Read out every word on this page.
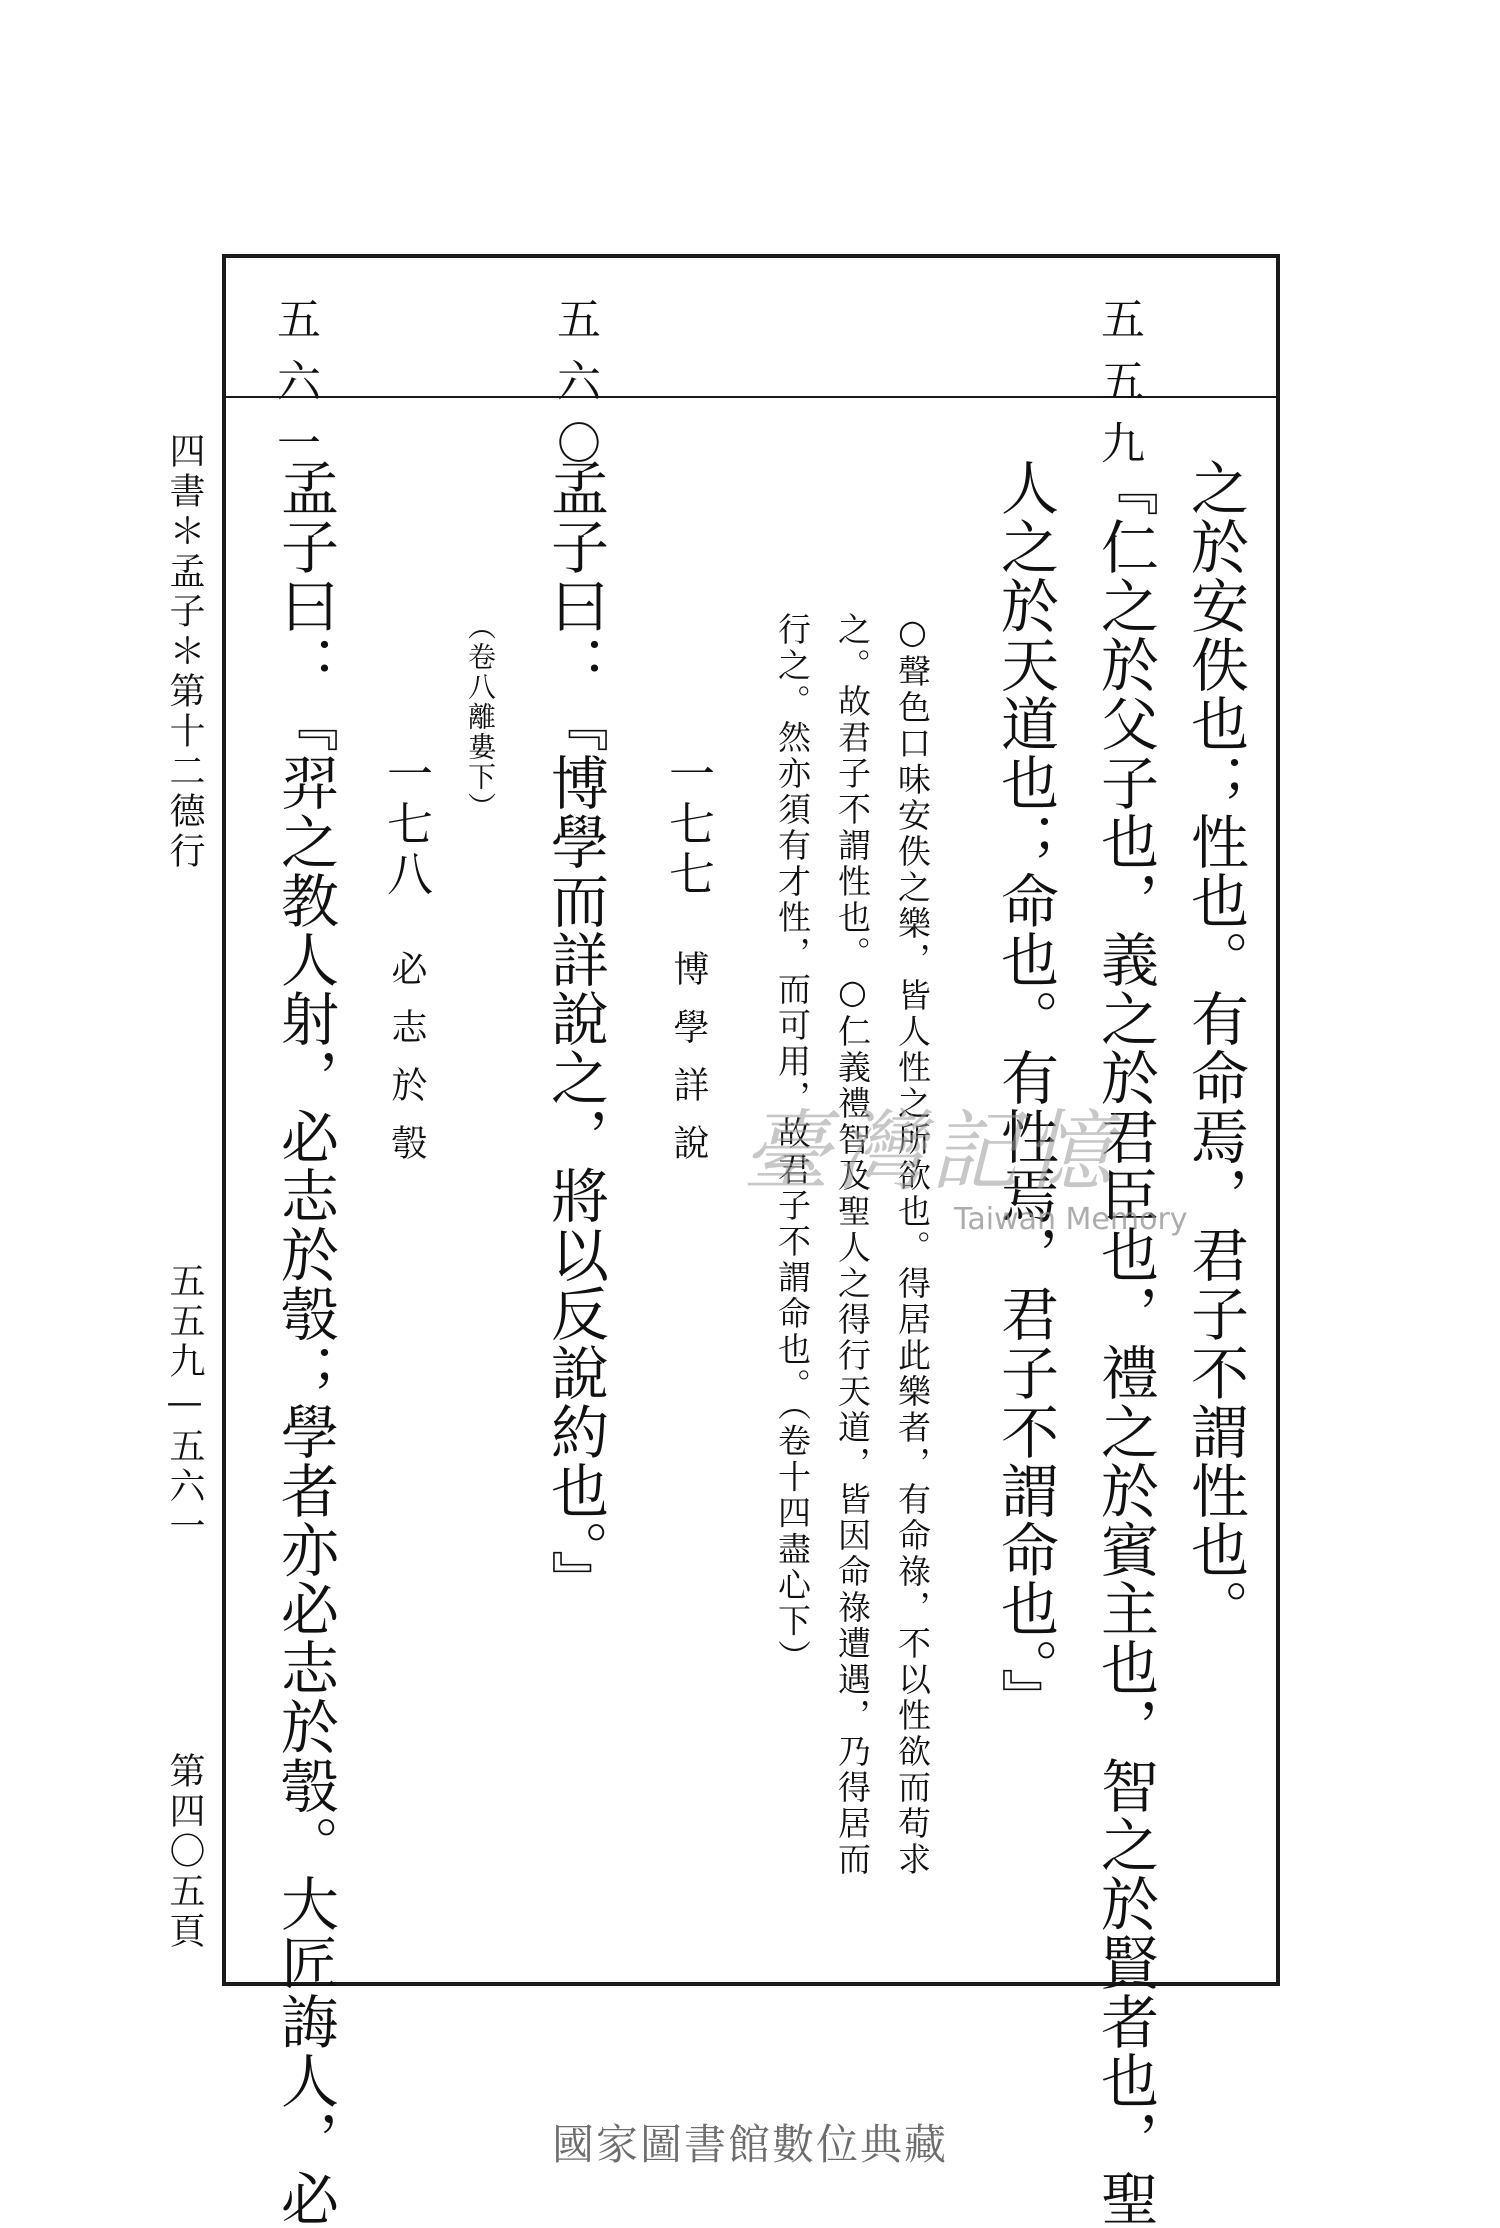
五五九
五六〇
五六一
四書＊孟子＊第十二德行
五五九—五六一
第四〇五頁
之於安佚也；性也。有命焉，君子不謂性也。
『仁之於父子也，義之於君臣也，禮之於賓主也，智之於賢者也，聖
人之於天道也；命也。有性焉，君子不謂命也。』
○聲色口味安佚之樂，皆人性之所欲也。得居此樂者，有命祿，不以性欲而苟求
之。故君子不謂性也。○仁義禮智及聖人之得行天道，皆因命祿遭遇，乃得居而
行之。然亦須有才性，而可用，故君子不謂命也。（卷十四盡心下）
一七七
博學詳說
孟子曰：『博學而詳說之，將以反說約也。』
（卷八離婁下）
一七八
必志於彀
孟子曰：『羿之教人射，必志於彀；學者亦必志於彀。大匠誨人，必	臺灣記憶
Taiwan Memory
國家圖書館數位典藏
